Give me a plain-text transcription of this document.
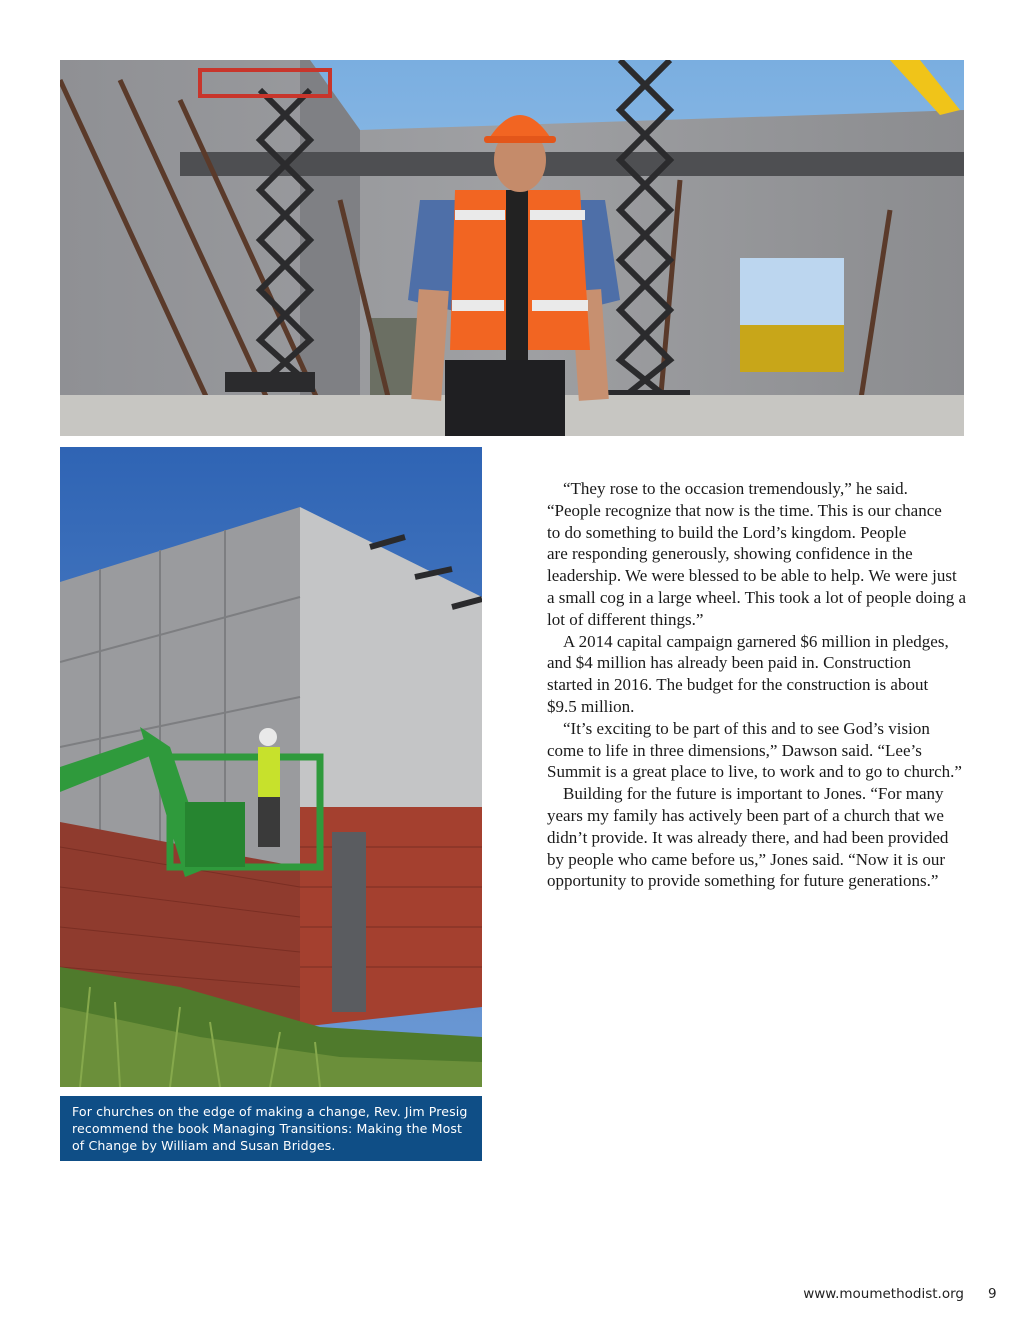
For churches on the edge of making a change, Rev. Jim Presig recommend the book Managing Transitions: Making the Most of Change by William and Susan Bridges.

“They rose to the occasion tremendously,” he said.
“People recognize that now is the time. This is our chance
to do something to build the Lord’s kingdom. People
are responding generously, showing confidence in the
leadership. We were blessed to be able to help. We were just
a small cog in a large wheel. This took a lot of people doing a
lot of different things.”

A 2014 capital campaign garnered $6 million in pledges,
and $4 million has already been paid in. Construction
started in 2016. The budget for the construction is about
$9.5 million.

“It’s exciting to be part of this and to see God’s vision
come to life in three dimensions,” Dawson said. “Lee’s
Summit is a great place to live, to work and to go to church.”

Building for the future is important to Jones. “For many
years my family has actively been part of a church that we
didn’t provide. It was already there, and had been provided
by people who came before us,” Jones said. “Now it is our
opportunity to provide something for future generations.”

www.moumethodist.org 9
